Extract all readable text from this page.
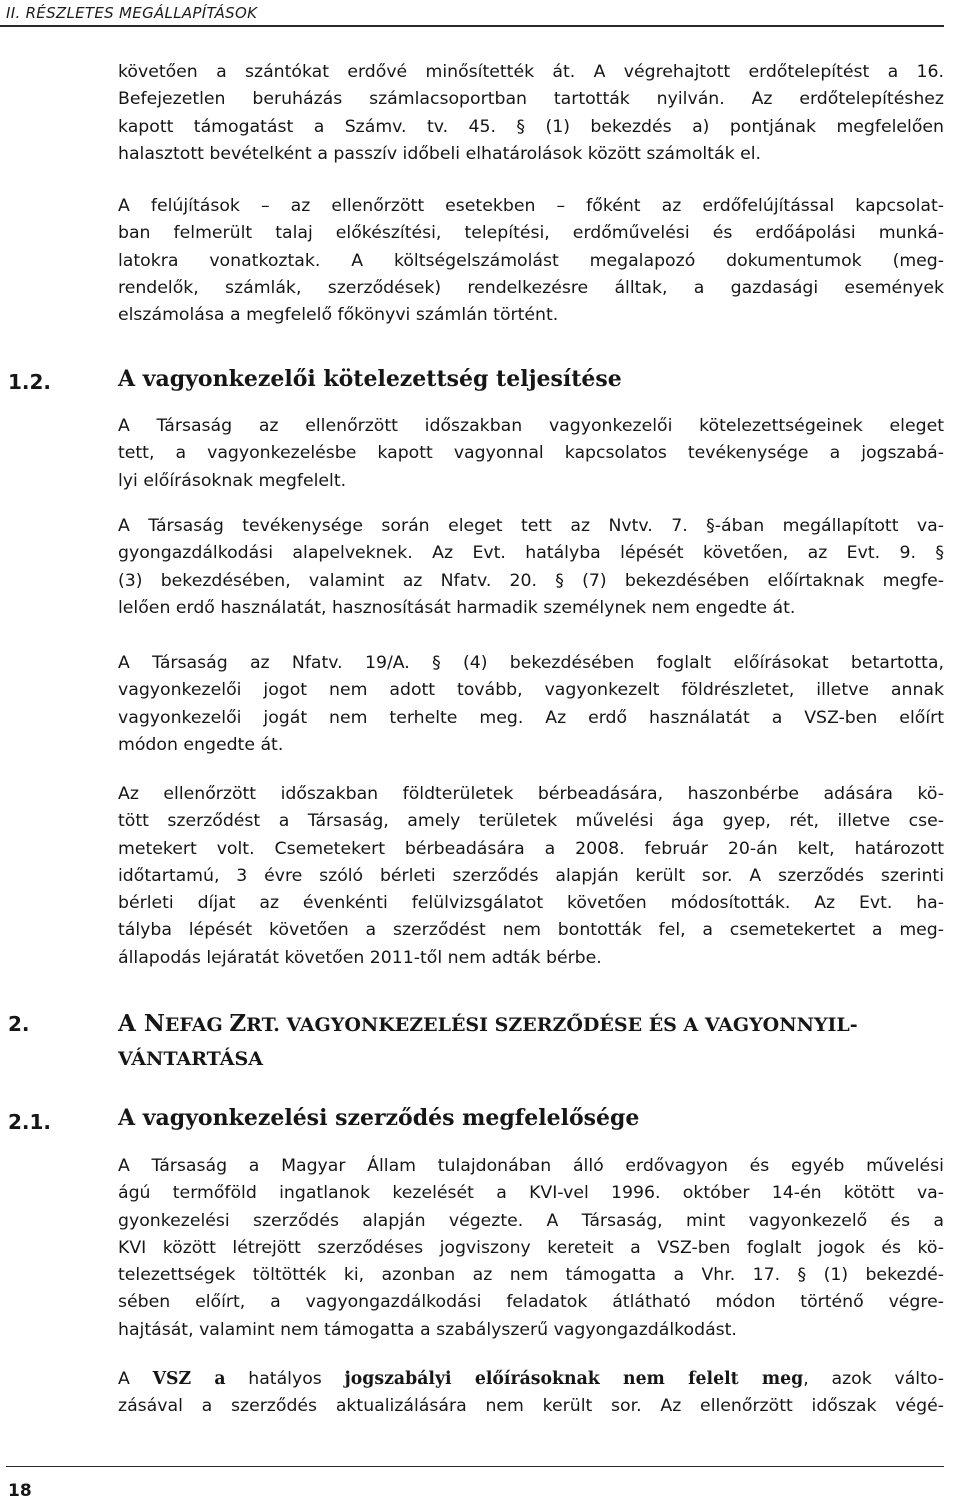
II. RÉSZLETES MEGÁLLAPÍTÁSOK
követően a szántókat erdővé minősítették át. A végrehajtott erdőtelepítést a 16.
Befejezetlen beruházás számlacsoportban tartották nyilván. Az erdőtelepítéshez
kapott támogatást a Számv. tv. 45. § (1) bekezdés a) pontjának megfelelően
halasztott bevételként a passzív időbeli elhatárolások között számolták el.
A felújítások – az ellenőrzött esetekben – főként az erdőfelújítással kapcsolat-
ban felmerült talaj előkészítési, telepítési, erdőművelési és erdőápolási munká-
latokra vonatkoztak. A költségelszámolást megalapozó dokumentumok (meg-
rendelők, számlák, szerződések) rendelkezésre álltak, a gazdasági események
elszámolása a megfelelő főkönyvi számlán történt.
1.2.	A vagyonkezelői kötelezettség teljesítése
A Társaság az ellenőrzött időszakban vagyonkezelői kötelezettségeinek eleget
tett, a vagyonkezelésbe kapott vagyonnal kapcsolatos tevékenysége a jogszabá-
lyi előírásoknak megfelelt.
A Társaság tevékenysége során eleget tett az Nvtv. 7. §-ában megállapított va-
gyongazdálkodási alapelveknek. Az Evt. hatályba lépését követően, az Evt. 9. §
(3) bekezdésében, valamint az Nfatv. 20. § (7) bekezdésében előírtaknak megfe-
lelően erdő használatát, hasznosítását harmadik személynek nem engedte át.
A Társaság az Nfatv. 19/A. § (4) bekezdésében foglalt előírásokat betartotta,
vagyonkezelői jogot nem adott tovább, vagyonkezelt földrészletet, illetve annak
vagyonkezelői jogát nem terhelte meg. Az erdő használatát a VSZ-ben előírt
módon engedte át.
Az ellenőrzött időszakban földterületek bérbeadására, haszonbérbe adására kö-
tött szerződést a Társaság, amely területek művelési ága gyep, rét, illetve cse-
metekert volt. Csemetekert bérbeadására a 2008. február 20-án kelt, határozott
időtartamú, 3 évre szóló bérleti szerződés alapján került sor. A szerződés szerinti
bérleti díjat az évenkénti felülvizsgálatot követően módosították. Az Evt. ha-
tályba lépését követően a szerződést nem bontották fel, a csemetekertet a meg-
állapodás lejáratát követően 2011-től nem adták bérbe.
2.	A NEFAG ZRT. VAGYONKEZELÉSI SZERZŐDÉSE ÉS A VAGYONNYIL-
VÁNTARTÁSA
2.1.	A vagyonkezelési szerződés megfelelősége
A Társaság a Magyar Állam tulajdonában álló erdővagyon és egyéb művelési
ágú termőföld ingatlanok kezelését a KVI-vel 1996. október 14-én kötött va-
gyonkezelési szerződés alapján végezte. A Társaság, mint vagyonkezelő és a
KVI között létrejött szerződéses jogviszony kereteit a VSZ-ben foglalt jogok és kö-
telezettségek töltötték ki, azonban az nem támogatta a Vhr. 17. § (1) bekezdé-
sében előírt, a vagyongazdálkodási feladatok átlátható módon történő végre-
hajtását, valamint nem támogatta a szabályszerű vagyongazdálkodást.
A VSZ a hatályos jogszabályi előírásoknak nem felelt meg, azok válto-
zásával a szerződés aktualizálására nem került sor. Az ellenőrzött időszak végé-
18
